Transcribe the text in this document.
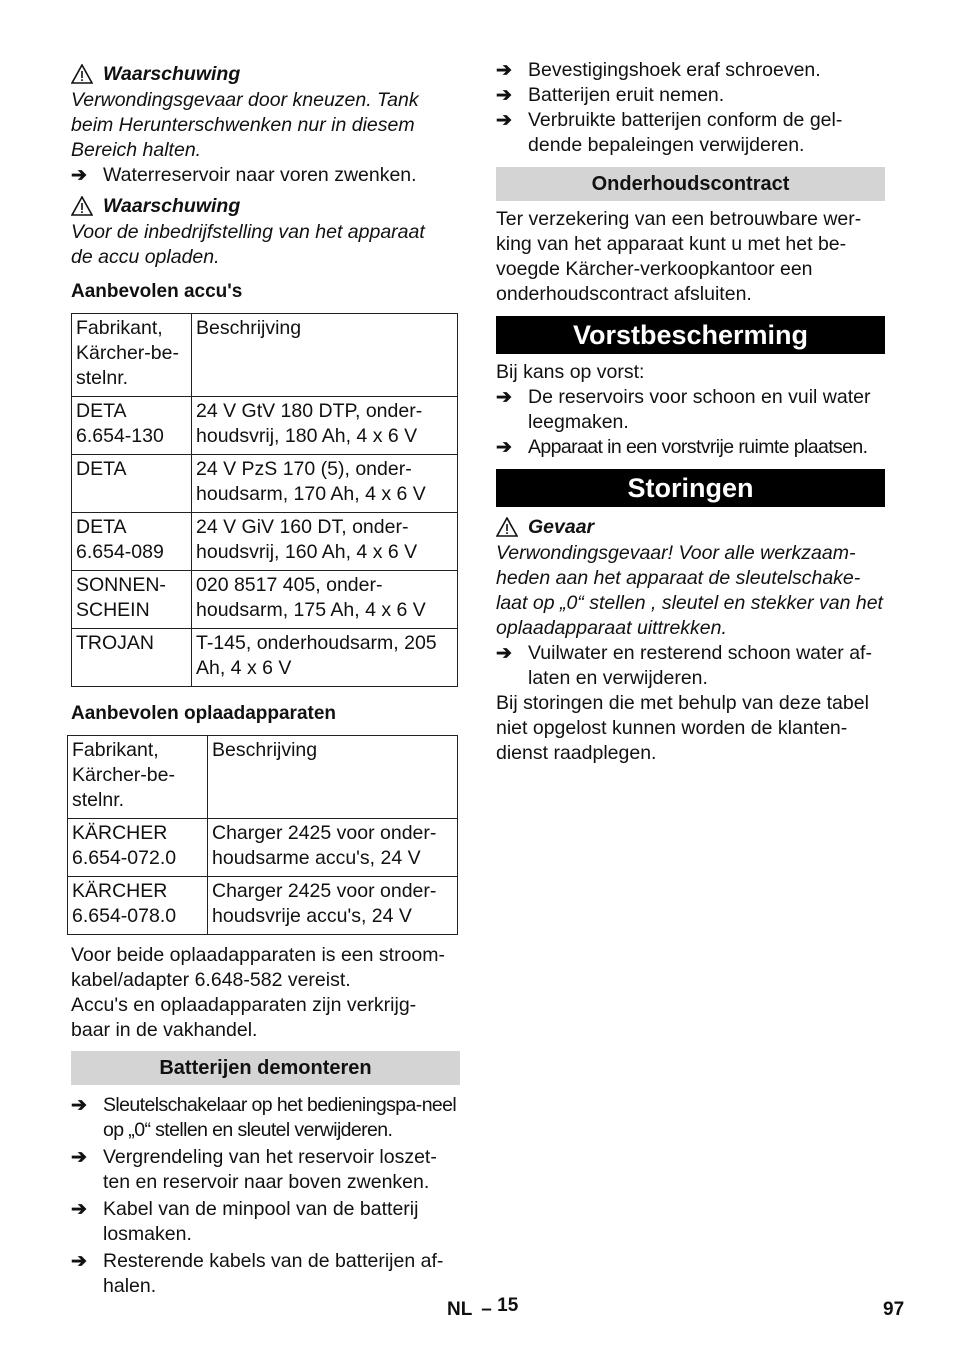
Waarschuwing
Verwondingsgevaar door kneuzen. Tank beim Herunterschwenken nur in diesem Bereich halten.
➔ Waterreservoir naar voren zwenken.
Waarschuwing
Voor de inbedrijfstelling van het apparaat de accu opladen.
Aanbevolen accu's
Fabrikant,
Kärcher-be-
stelnr.	Beschrijving
DETA
6.654-130	24 V GtV 180 DTP, onder-
houdsvrij, 180 Ah, 4 x 6 V
DETA	24 V PzS 170 (5), onder-
houdsarm, 170 Ah, 4 x 6 V
DETA
6.654-089	24 V GiV 160 DT, onder-
houdsvrij, 160 Ah, 4 x 6 V
SONNEN-
SCHEIN	020 8517 405, onder-
houdsarm, 175 Ah, 4 x 6 V
TROJAN	T-145, onderhoudsarm, 205
Ah, 4 x 6 V
Aanbevolen oplaadapparaten
Fabrikant,
Kärcher-be-
stelnr.	Beschrijving
KÄRCHER
6.654-072.0	Charger 2425 voor onder-
houdsarme accu's, 24 V
KÄRCHER
6.654-078.0	Charger 2425 voor onder-
houdsvrije accu's, 24 V
Voor beide oplaadapparaten is een stroom-kabel/adapter 6.648-582 vereist.
Accu's en oplaadapparaten zijn verkrijg-baar in de vakhandel.
Batterijen demonteren
➔ Sleutelschakelaar op het bedieningspa-neel op „0“ stellen en sleutel verwijderen.
➔ Vergrendeling van het reservoir loszet-ten en reservoir naar boven zwenken.
➔ Kabel van de minpool van de batterij losmaken.
➔ Resterende kabels van de batterijen af-halen.
➔ Bevestigingshoek eraf schroeven.
➔ Batterijen eruit nemen.
➔ Verbruikte batterijen conform de gel-dende bepaleingen verwijderen.
Onderhoudscontract
Ter verzekering van een betrouwbare wer-king van het apparaat kunt u met het be-voegde Kärcher-verkoopkantoor een onderhoudscontract afsluiten.
Vorstbescherming
Bij kans op vorst:
➔ De reservoirs voor schoon en vuil water leegmaken.
➔ Apparaat in een vorstvrije ruimte plaatsen.
Storingen
Gevaar
Verwondingsgevaar! Voor alle werkzaam-heden aan het apparaat de sleutelschake-laat op „0“ stellen , sleutel en stekker van het oplaadapparaat uittrekken.
➔ Vuilwater en resterend schoon water af-laten en verwijderen.
Bij storingen die met behulp van deze tabel niet opgelost kunnen worden de klanten-dienst raadplegen.
NL – 15	97
